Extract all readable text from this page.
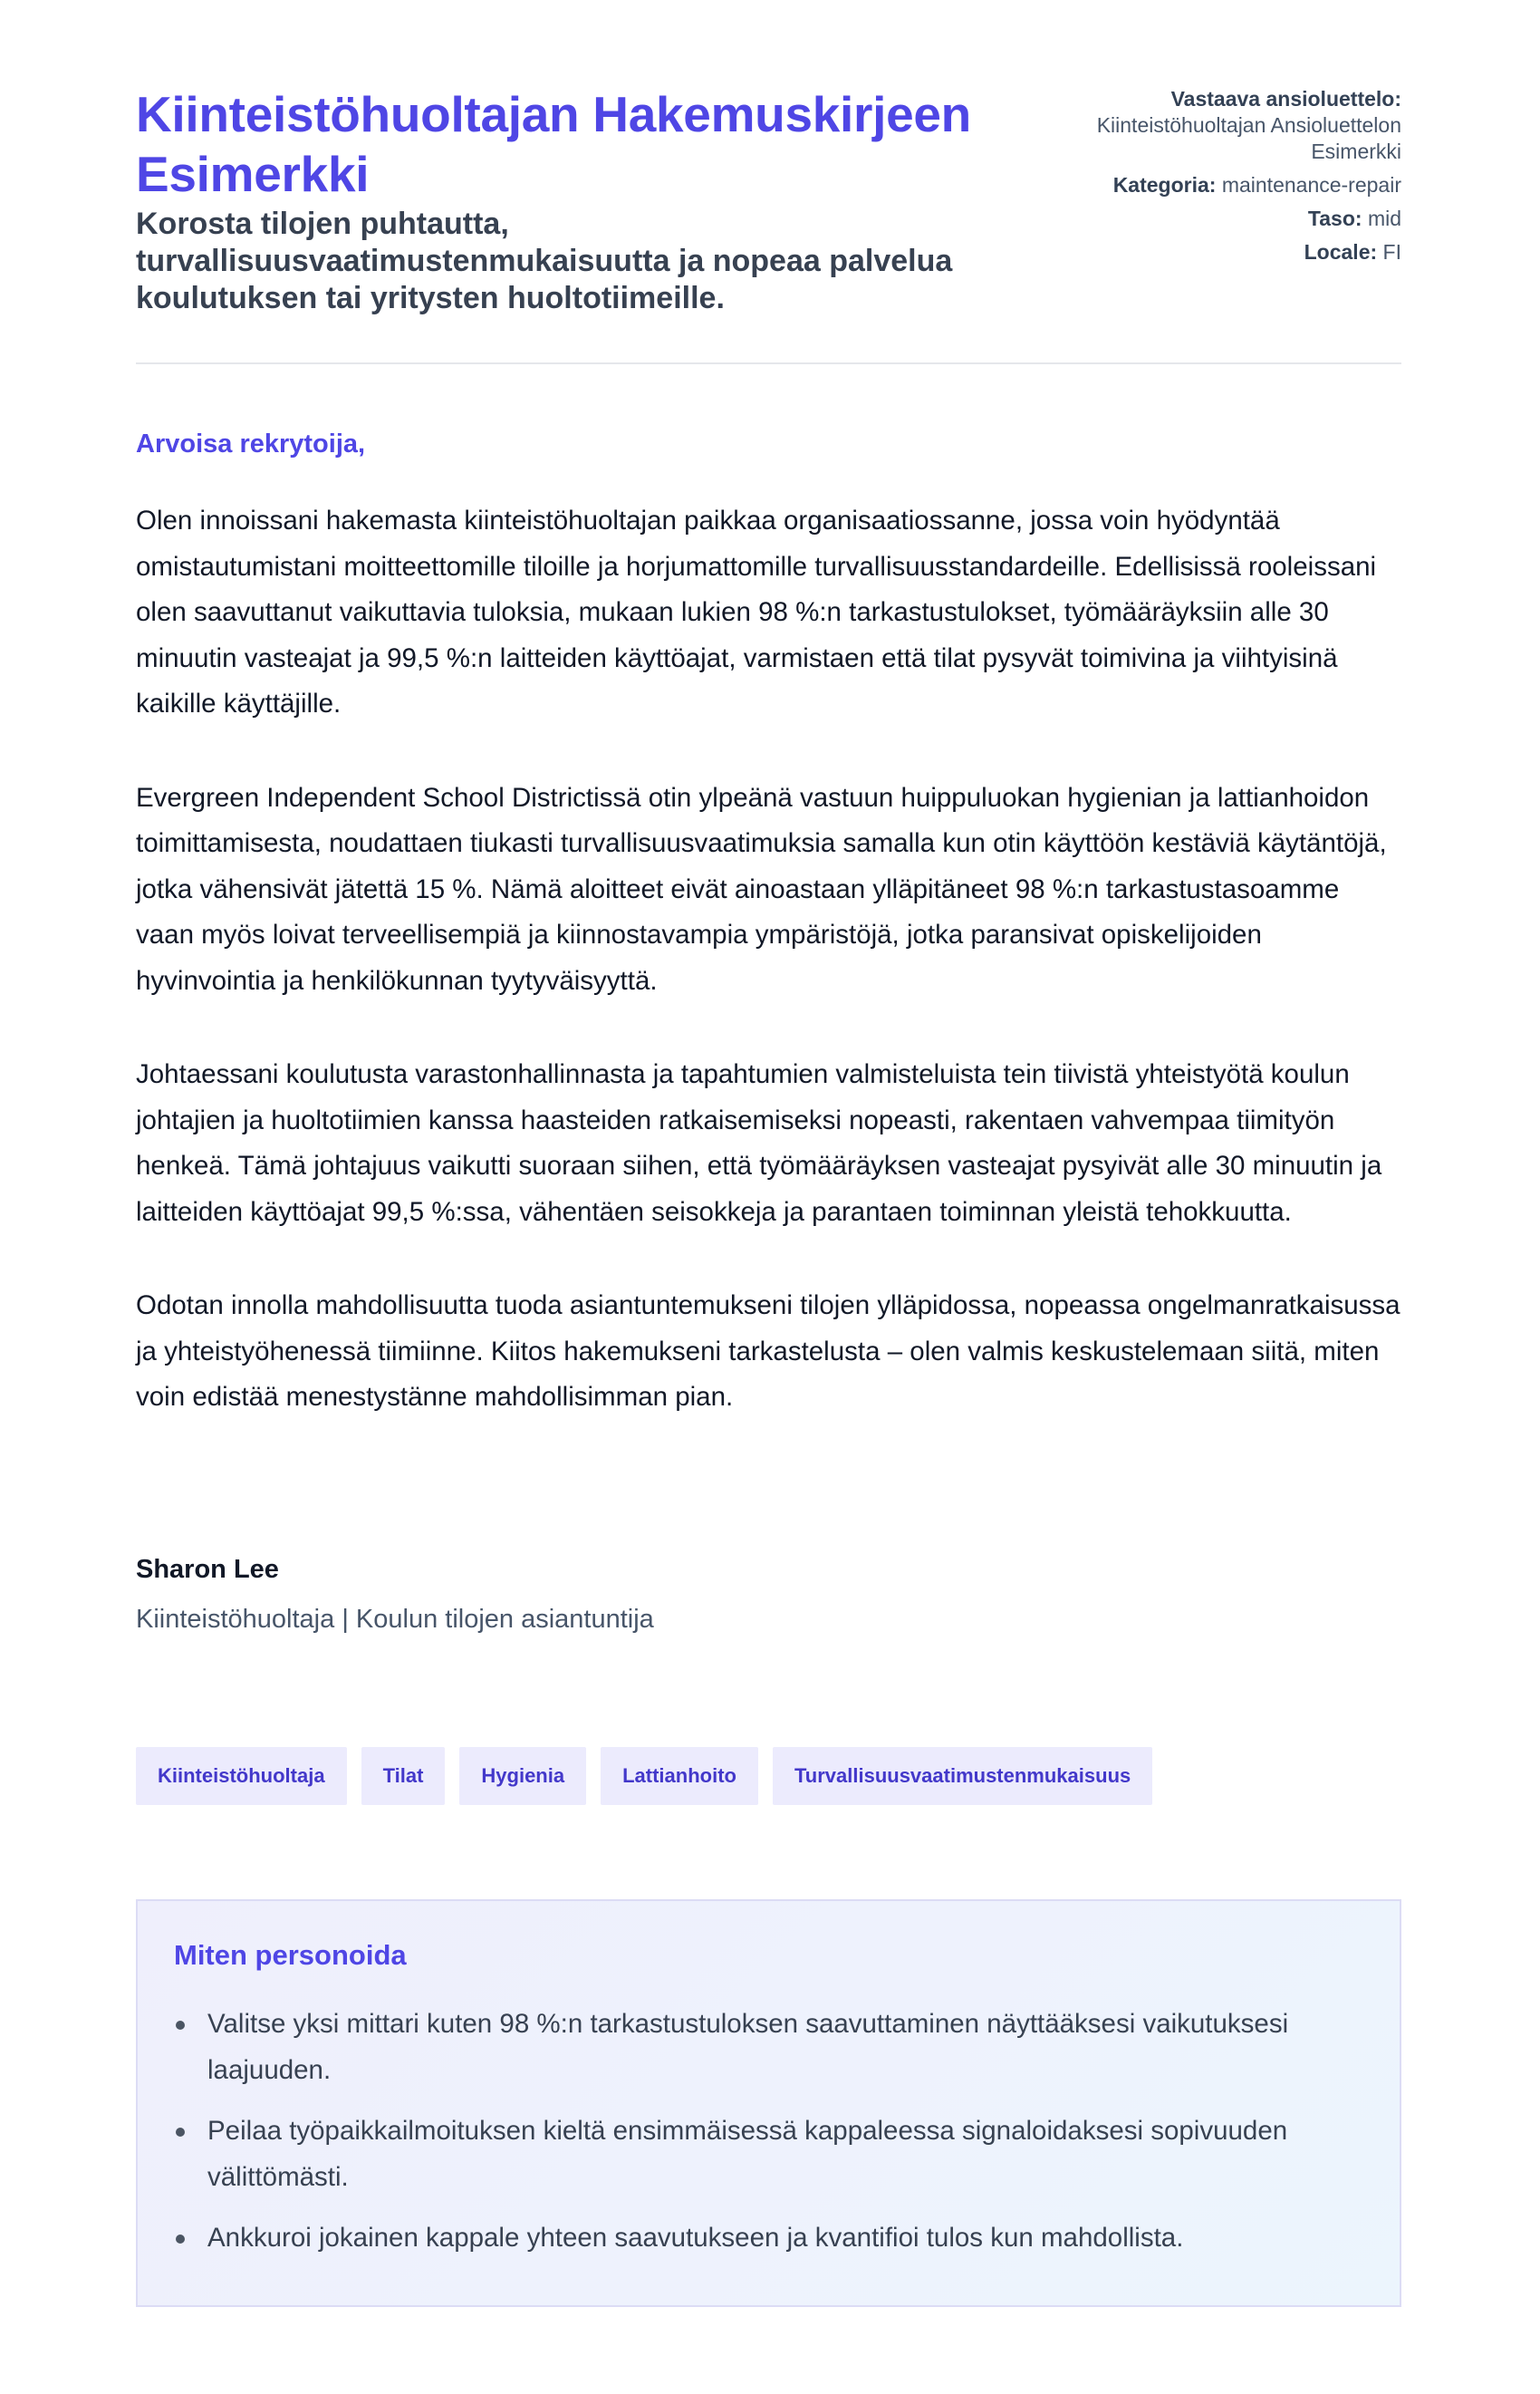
Kiinteistöhuoltajan Hakemuskirjeen Esimerkki
Korosta tilojen puhtautta, turvallisuusvaatimustenmukaisuutta ja nopeaa palvelua koulutuksen tai yritysten huoltotiimeille.
Vastaava ansioluettelo:
Kiinteistöhuoltajan Ansioluettelon Esimerkki
Kategoria: maintenance-repair
Taso: mid
Locale: FI
Arvoisa rekrytoija,

Olen innoissani hakemasta kiinteistöhuoltajan paikkaa organisaatiossanne, jossa voin hyödyntää omistautumistani moitteettomille tiloille ja horjumattomille turvallisuusstandardeille. Edellisissä rooleissani olen saavuttanut vaikuttavia tuloksia, mukaan lukien 98 %:n tarkastustulokset, työmääräyksiin alle 30 minuutin vasteajat ja 99,5 %:n laitteiden käyttöajat, varmistaen että tilat pysyvät toimivina ja viihtyisinä kaikille käyttäjille.

Evergreen Independent School Districtissä otin ylpeänä vastuun huippuluokan hygienian ja lattianhoidon toimittamisesta, noudattaen tiukasti turvallisuusvaatimuksia samalla kun otin käyttöön kestäviä käytäntöjä, jotka vähensivät jätettä 15 %. Nämä aloitteet eivät ainoastaan ylläpitäneet 98 %:n tarkastustasoamme vaan myös loivat terveellisempiä ja kiinnostavampia ympäristöjä, jotka paransivat opiskelijoiden hyvinvointia ja henkilökunnan tyytyväisyyttä.

Johtaessani koulutusta varastonhallinnasta ja tapahtumien valmisteluista tein tiivistä yhteistyötä koulun johtajien ja huoltotiimien kanssa haasteiden ratkaisemiseksi nopeasti, rakentaen vahvempaa tiimityön henkeä. Tämä johtajuus vaikutti suoraan siihen, että työmääräyksen vasteajat pysyivät alle 30 minuutin ja laitteiden käyttöajat 99,5 %:ssa, vähentäen seisokkeja ja parantaen toiminnan yleistä tehokkuutta.

Odotan innolla mahdollisuutta tuoda asiantuntemukseni tilojen ylläpidossa, nopeassa ongelmanratkaisussa ja yhteistyöhenessä tiimiinne. Kiitos hakemukseni tarkastelusta – olen valmis keskustelemaan siitä, miten voin edistää menestystänne mahdollisimman pian.

Sharon Lee
Kiinteistöhuoltaja | Koulun tilojen asiantuntija
Kiinteistöhuoltaja	Tilat	Hygienia	Lattianhoito	Turvallisuusvaatimustenmukaisuus
Miten personoida
Valitse yksi mittari kuten 98 %:n tarkastustuloksen saavuttaminen näyttääksesi vaikutuksesi laajuuden.
Peilaa työpaikkailmoituksen kieltä ensimmäisessä kappaleessa signaloidaksesi sopivuuden välittömästi.
Ankkuroi jokainen kappale yhteen saavutukseen ja kvantifioi tulos kun mahdollista.
